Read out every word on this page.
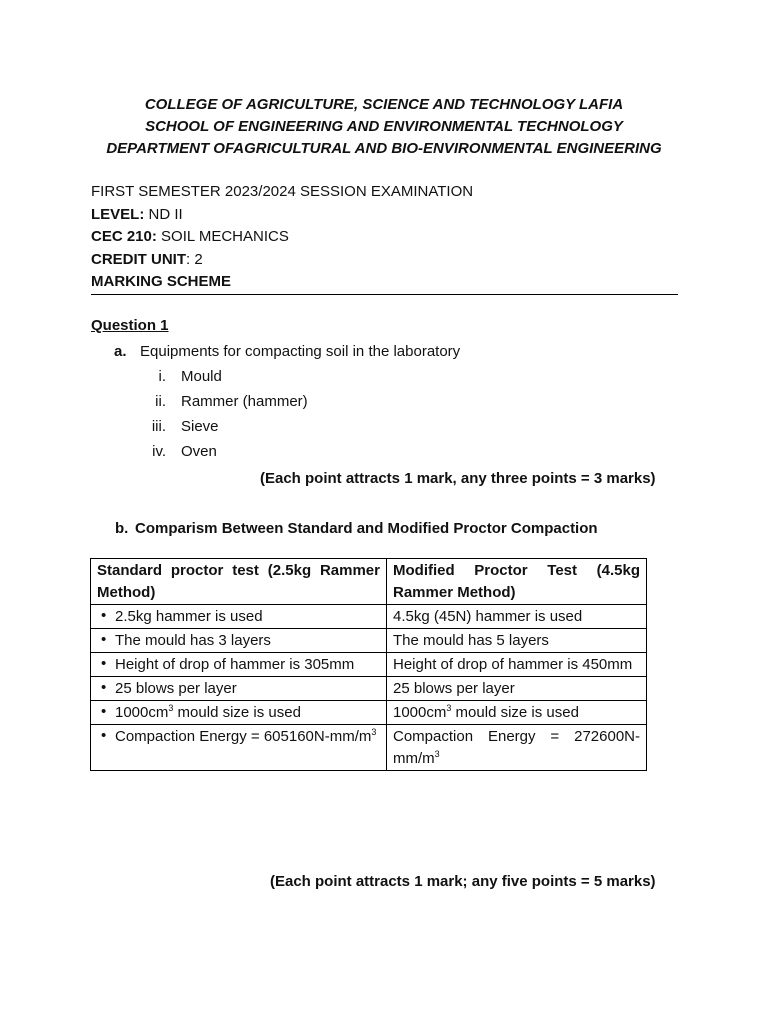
COLLEGE OF AGRICULTURE, SCIENCE AND TECHNOLOGY LAFIA
SCHOOL OF ENGINEERING AND ENVIRONMENTAL TECHNOLOGY
DEPARTMENT OFAGRICULTURAL AND BIO-ENVIRONMENTAL ENGINEERING
FIRST SEMESTER 2023/2024 SESSION EXAMINATION
LEVEL: ND II
CEC 210: SOIL MECHANICS
CREDIT UNIT: 2
MARKING SCHEME
Question 1
a. Equipments for compacting soil in the laboratory
i. Mould
ii. Rammer (hammer)
iii. Sieve
iv. Oven
(Each point attracts 1 mark, any three points = 3 marks)
b. Comparism Between Standard and Modified Proctor Compaction
Standard proctor test (2.5kg Rammer Method)	Modified Proctor Test (4.5kg Rammer Method)

• 2.5kg hammer is used	4.5kg (45N) hammer is used

• The mould has 3 layers	The mould has 5 layers

• Height of drop of hammer is 305mm	Height of drop of hammer is 450mm

• 25 blows per layer	25 blows per layer

• $1000cm^3$ mould size is used	$1000cm^3$ mould size is used

• Compaction Energy = $605160N-mm/m^3$	Compaction Energy = $272600N-mm/m^3$
(Each point attracts 1 mark; any five points = 5 marks)
